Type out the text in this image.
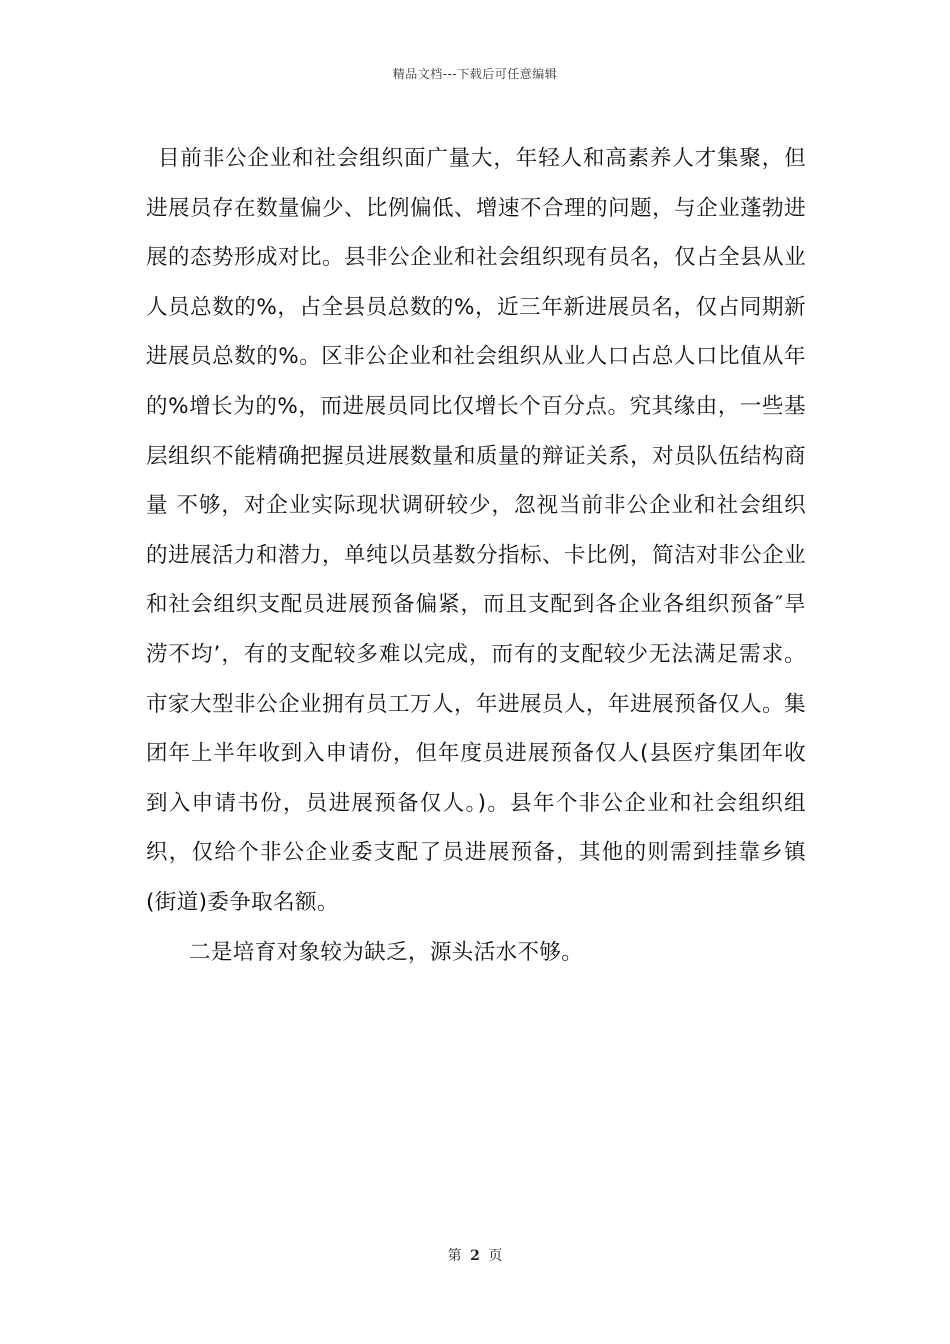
精品文档---下载后可任意编辑

目前非公企业和社会组织面广量大，年轻人和高素养人才集聚，但进展员存在数量偏少、比例偏低、增速不合理的问题，与企业蓬勃进展的态势形成对比。县非公企业和社会组织现有员名，仅占全县从业人员总数的%，占全县员总数的%，近三年新进展员名，仅占同期新进展员总数的%。区非公企业和社会组织从业人口占总人口比值从年的%增长为的%，而进展员同比仅增长个百分点。究其缘由，一些基层组织不能精确把握员进展数量和质量的辩证关系，对员队伍结构商量 不够，对企业实际现状调研较少，忽视当前非公企业和社会组织的进展活力和潜力，单纯以员基数分指标、卡比例，简洁对非公企业和社会组织支配员进展预备偏紧，而且支配到各企业各组织预备″旱涝不均’，有的支配较多难以完成，而有的支配较少无法满足需求。市家大型非公企业拥有员工万人，年进展员人，年进展预备仅人。集团年上半年收到入申请份，但年度员进展预备仅人(县医疗集团年收到入申请书份，员进展预备仅人。)。县年个非公企业和社会组织组织，仅给个非公企业委支配了员进展预备，其他的则需到挂靠乡镇(街道)委争取名额。

二是培育对象较为缺乏，源头活水不够。

第 2 页
